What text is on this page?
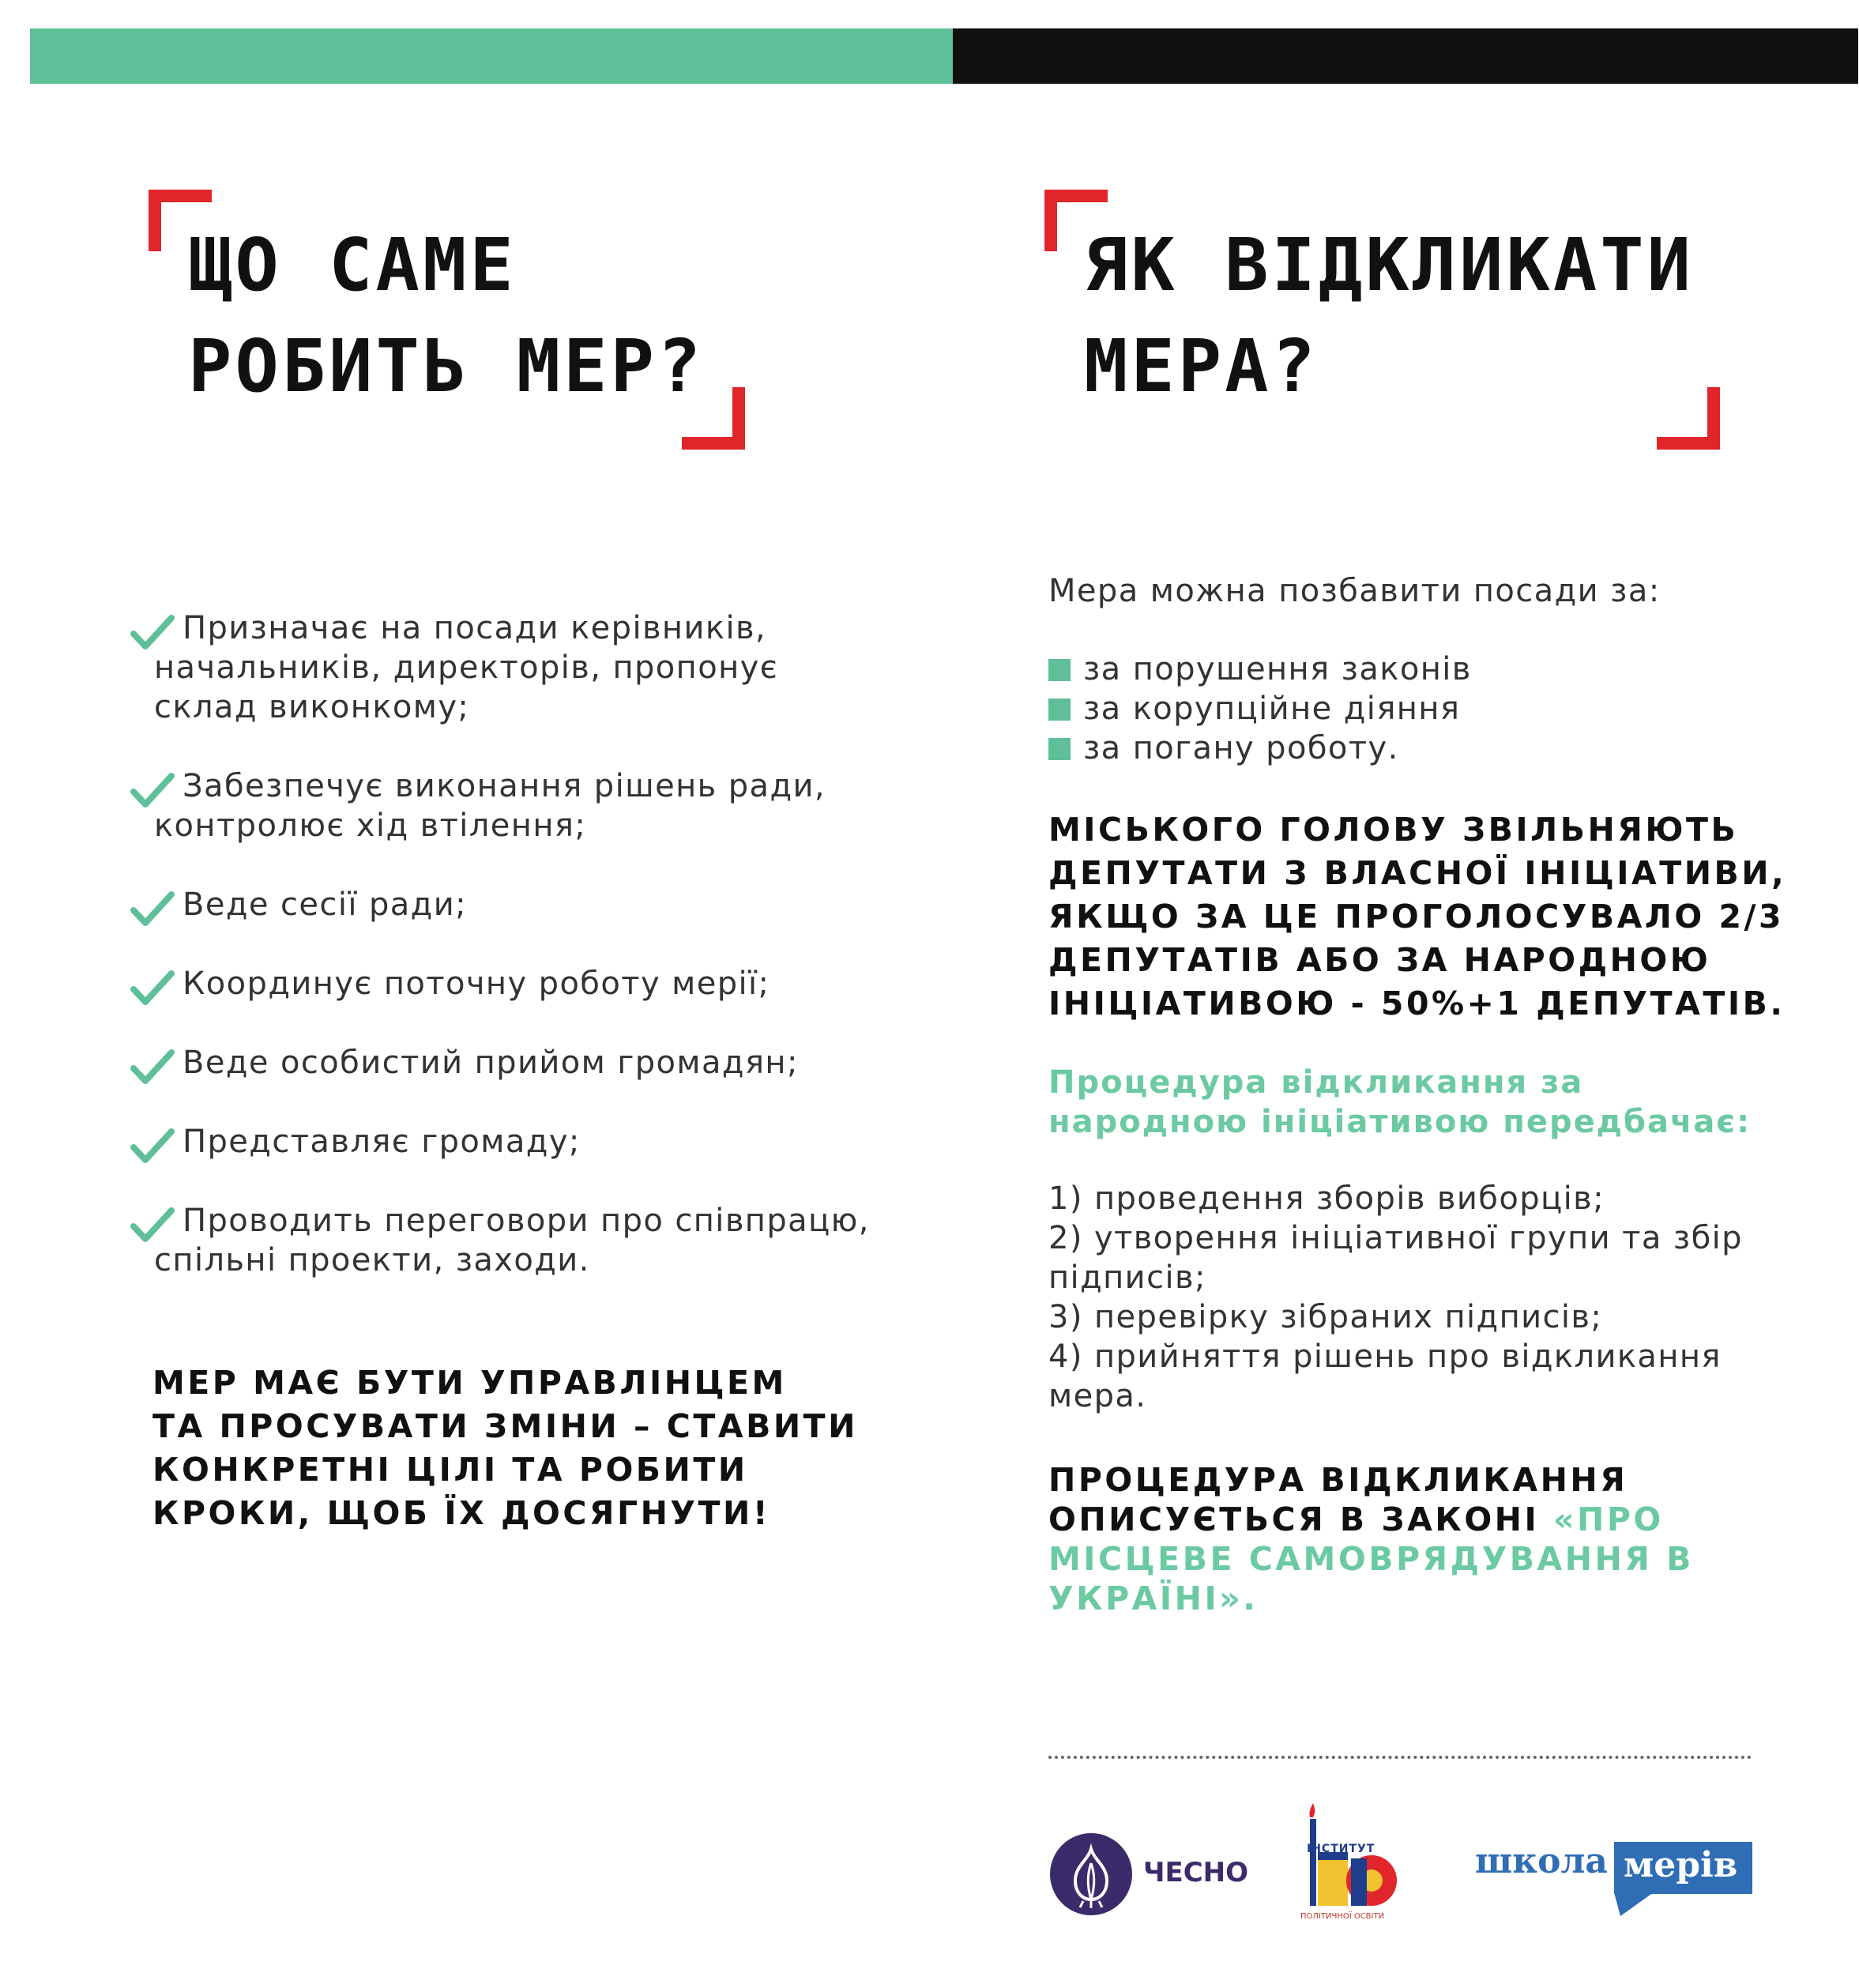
ЩО САМЕ
РОБИТЬ МЕР?
Призначає на посади керівників, начальників, директорів, пропонує склад виконкому;
Забезпечує виконання рішень ради, контролює хід втілення;
Веде сесії ради;
Координує поточну роботу мерії;
Веде особистий прийом громадян;
Представляє громаду;
Проводить переговори про співпрацю, спільні проекти, заходи.
МЕР МАЄ БУТИ УПРАВЛІНЦЕМ
ТА ПРОСУВАТИ ЗМІНИ – СТАВИТИ
КОНКРЕТНІ ЦІЛІ ТА РОБИТИ
КРОКИ, ЩОБ ЇХ ДОСЯГНУТИ!
ЯК ВІДКЛИКАТИ
МЕРА?
Мера можна позбавити посади за:
за порушення законів
за корупційне діяння
за погану роботу.
МІСЬКОГО ГОЛОВУ ЗВІЛЬНЯЮТЬ
ДЕПУТАТИ З ВЛАСНОЇ ІНІЦІАТИВИ,
ЯКЩО ЗА ЦЕ ПРОГОЛОСУВАЛО 2/3
ДЕПУТАТІВ АБО ЗА НАРОДНОЮ
ІНІЦІАТИВОЮ - 50%+1 ДЕПУТАТІВ.
Процедура відкликання за
народною ініціативою передбачає:
1) проведення зборів виборців;
2) утворення ініціативної групи та збір підписів;
3) перевірку зібраних підписів;
4) прийняття рішень про відкликання мера.
ПРОЦЕДУРА ВІДКЛИКАННЯ
ОПИСУЄТЬСЯ В ЗАКОНІ «ПРО
МІСЦЕВЕ САМОВРЯДУВАННЯ В
УКРАЇНІ».
ЧЕСНО
ІНСТИТУТ
ПОЛІТИЧНОЇ ОСВІТИ
школа мерів
